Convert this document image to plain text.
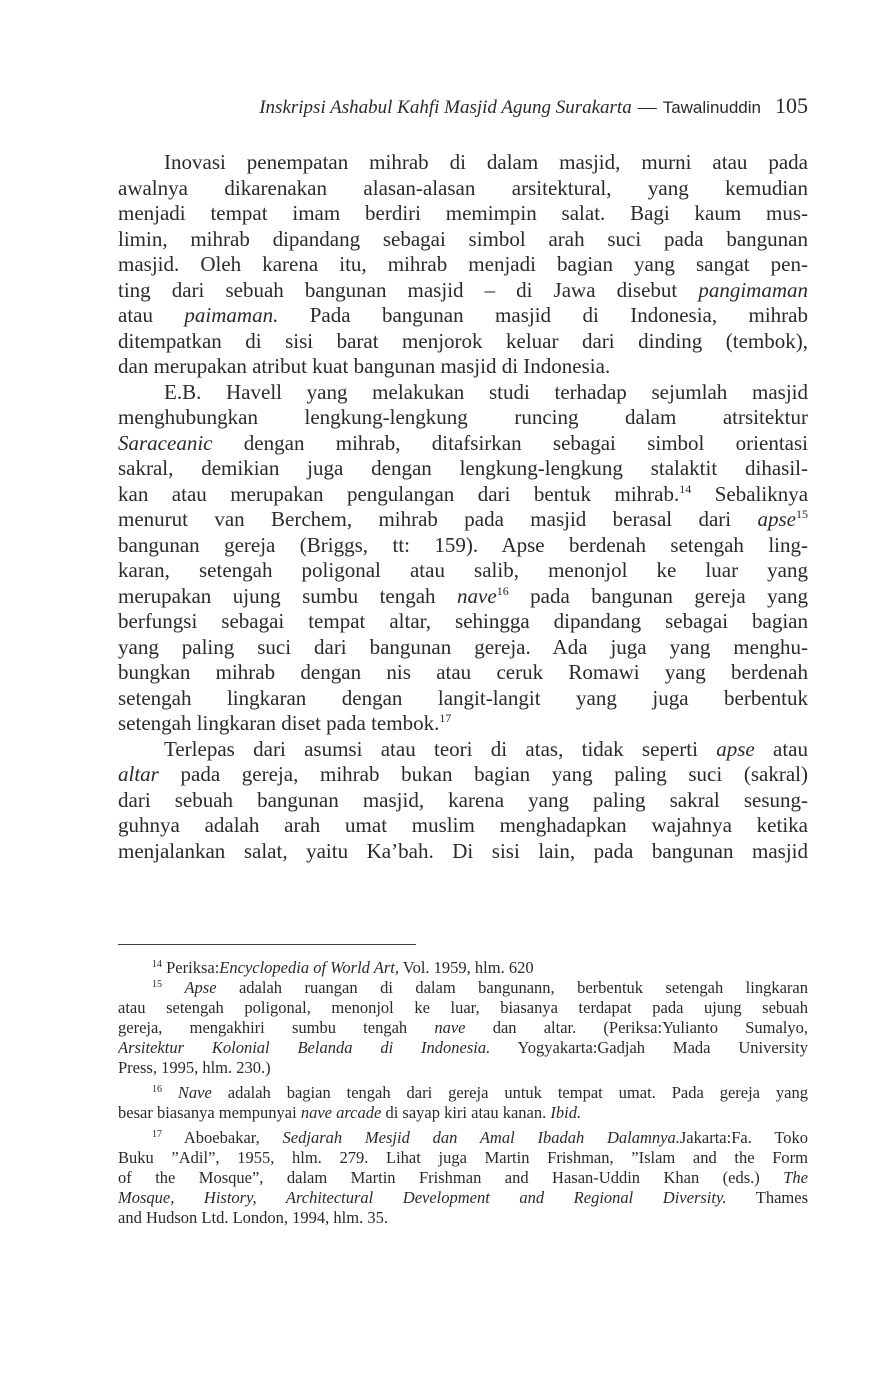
Inskripsi Ashabul Kahfi Masjid Agung Surakarta — Tawalinuddin 105
Inovasi penempatan mihrab di dalam masjid, murni atau pada
awalnya dikarenakan alasan-alasan arsitektural, yang kemudian
menjadi tempat imam berdiri memimpin salat. Bagi kaum mus-
limin, mihrab dipandang sebagai simbol arah suci pada bangunan
masjid. Oleh karena itu, mihrab menjadi bagian yang sangat pen-
ting dari sebuah bangunan masjid – di Jawa disebut pangimaman
atau paimaman. Pada bangunan masjid di Indonesia, mihrab
ditempatkan di sisi barat menjorok keluar dari dinding (tembok),
dan merupakan atribut kuat bangunan masjid di Indonesia.
E.B. Havell yang melakukan studi terhadap sejumlah masjid
menghubungkan lengkung-lengkung runcing dalam atrsitektur
Saraceanic dengan mihrab, ditafsirkan sebagai simbol orientasi
sakral, demikian juga dengan lengkung-lengkung stalaktit dihasil-
kan atau merupakan pengulangan dari bentuk mihrab.$^{14}$ Sebaliknya
menurut van Berchem, mihrab pada masjid berasal dari apse$^{15}$
bangunan gereja (Briggs, tt: 159). Apse berdenah setengah ling-
karan, setengah poligonal atau salib, menonjol ke luar yang
merupakan ujung sumbu tengah nave$^{16}$ pada bangunan gereja yang
berfungsi sebagai tempat altar, sehingga dipandang sebagai bagian
yang paling suci dari bangunan gereja. Ada juga yang menghu-
bungkan mihrab dengan nis atau ceruk Romawi yang berdenah
setengah lingkaran dengan langit-langit yang juga berbentuk
setengah lingkaran diset pada tembok.$^{17}$
Terlepas dari asumsi atau teori di atas, tidak seperti apse atau
altar pada gereja, mihrab bukan bagian yang paling suci (sakral)
dari sebuah bangunan masjid, karena yang paling sakral sesung-
guhnya adalah arah umat muslim menghadapkan wajahnya ketika
menjalankan salat, yaitu Ka’bah. Di sisi lain, pada bangunan masjid
$^{14}$ Periksa:Encyclopedia of World Art, Vol. 1959, hlm. 620
$^{15}$ Apse adalah ruangan di dalam bangunann, berbentuk setengah lingkaran
atau setengah poligonal, menonjol ke luar, biasanya terdapat pada ujung sebuah
gereja, mengakhiri sumbu tengah nave dan altar. (Periksa:Yulianto Sumalyo,
Arsitektur Kolonial Belanda di Indonesia. Yogyakarta:Gadjah Mada University
Press, 1995, hlm. 230.)
$^{16}$ Nave adalah bagian tengah dari gereja untuk tempat umat. Pada gereja yang
besar biasanya mempunyai nave arcade di sayap kiri atau kanan. Ibid.
$^{17}$ Aboebakar, Sedjarah Mesjid dan Amal Ibadah Dalamnya.Jakarta:Fa. Toko
Buku ”Adil”, 1955, hlm. 279. Lihat juga Martin Frishman, ”Islam and the Form
of the Mosque”, dalam Martin Frishman and Hasan-Uddin Khan (eds.) The
Mosque, History, Architectural Development and Regional Diversity. Thames
and Hudson Ltd. London, 1994, hlm. 35.
